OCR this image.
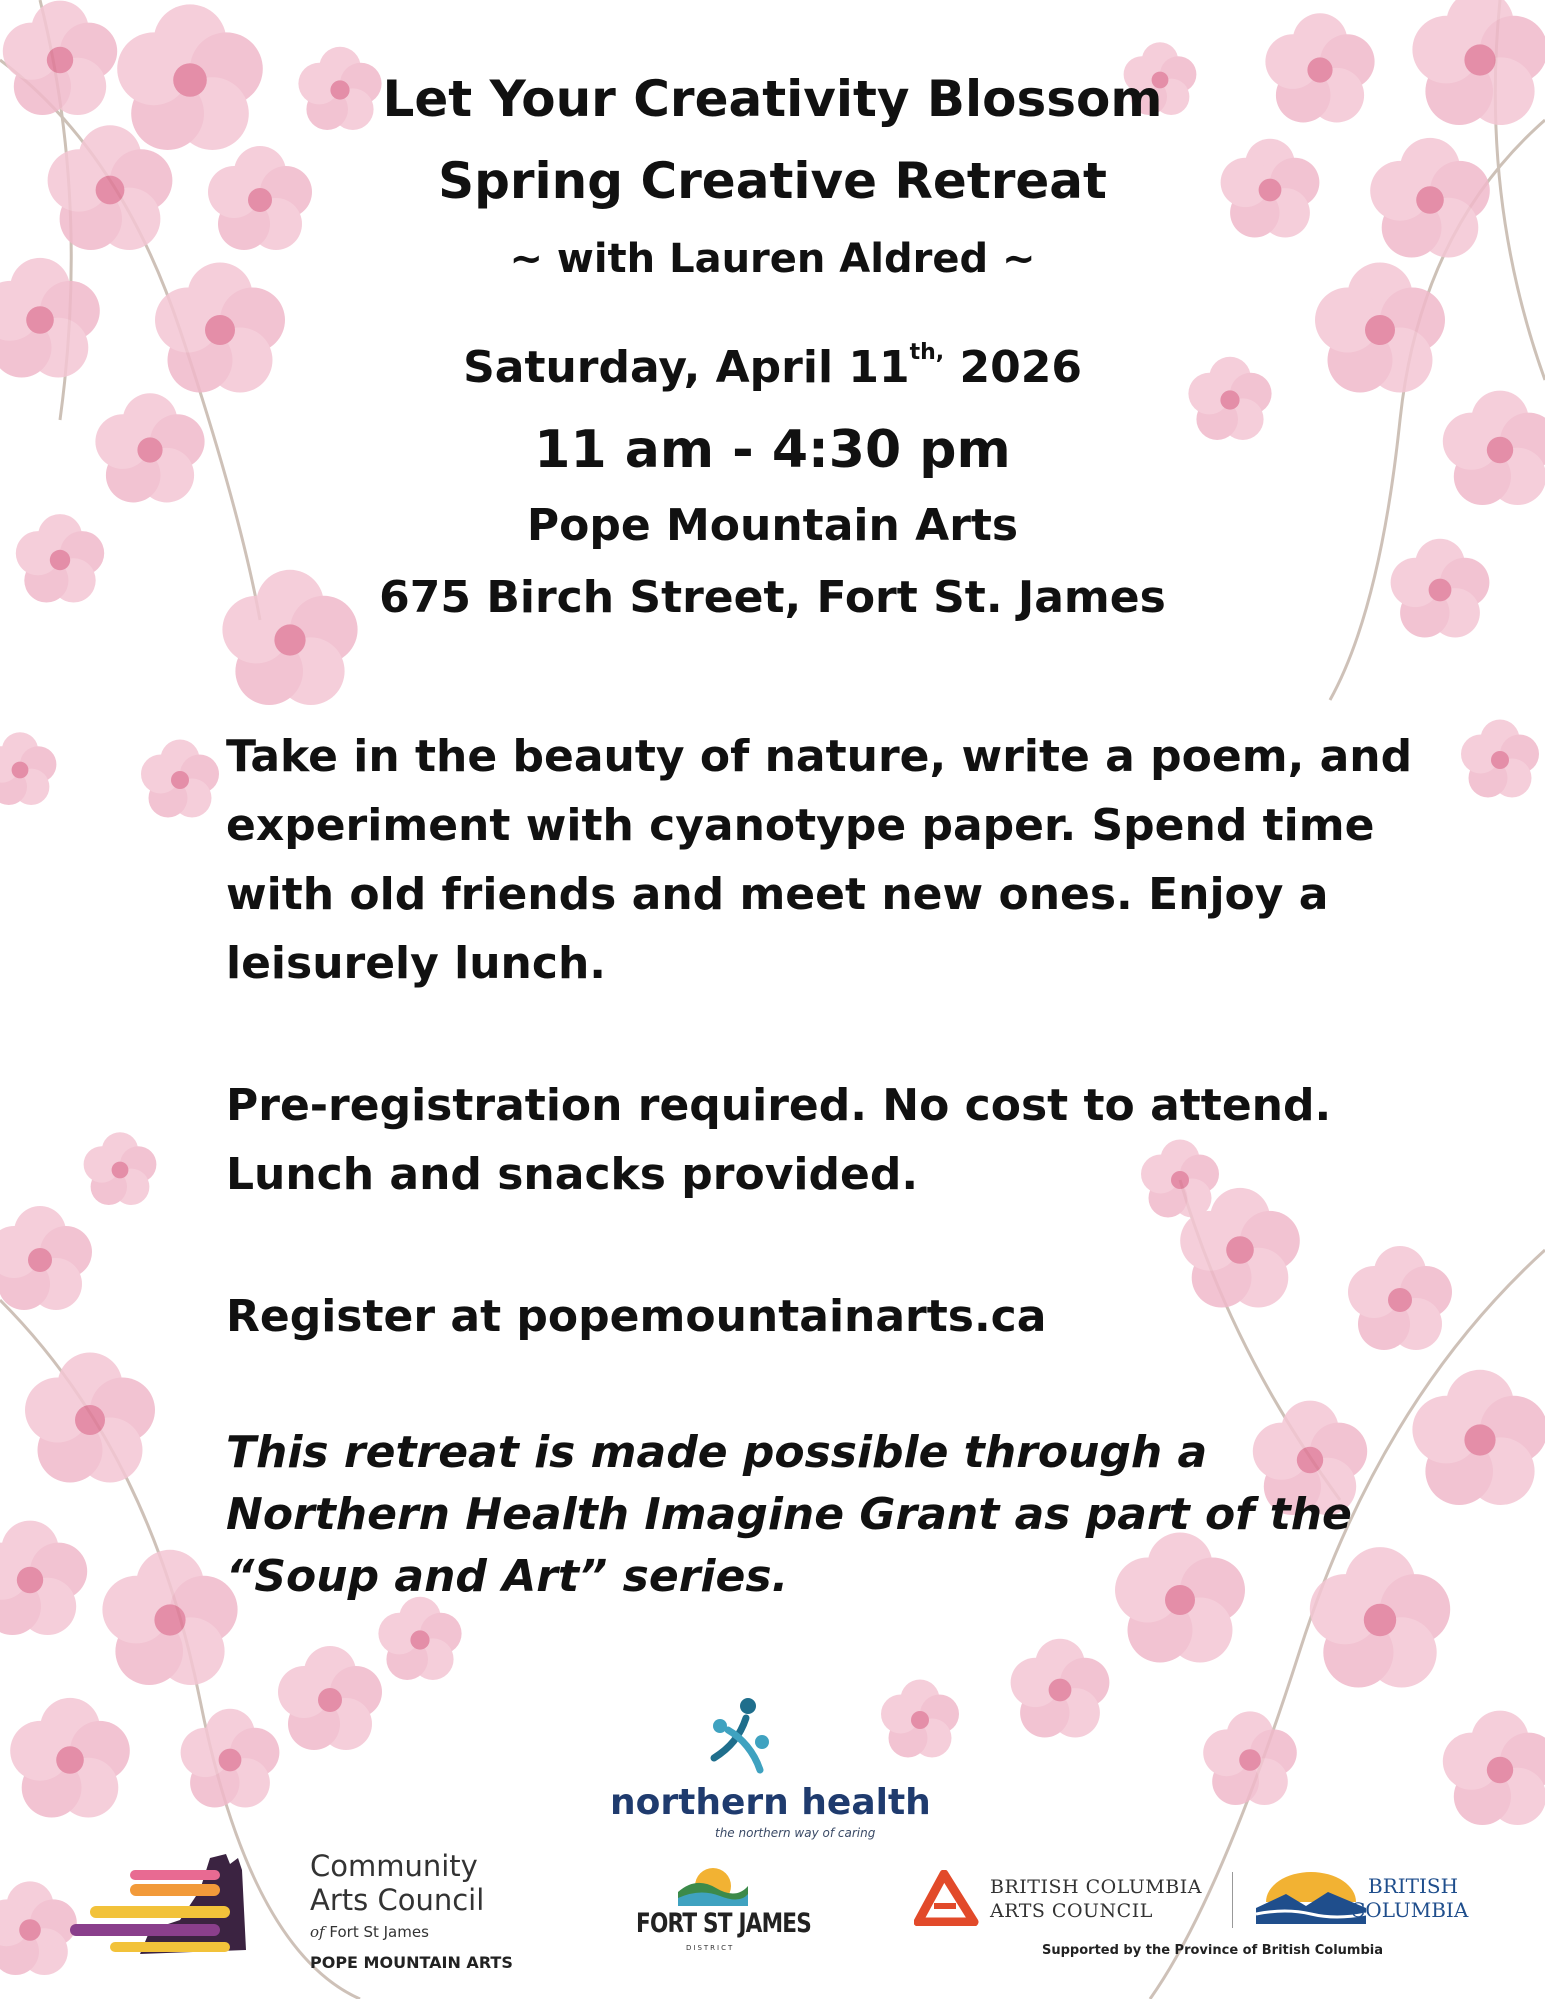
Let Your Creativity Blossom
Spring Creative Retreat
~ with Lauren Aldred ~
Saturday, April $11^{th,}$ 2026
11 am - 4:30 pm
Pope Mountain Arts
675 Birch Street, Fort St. James

Take in the beauty of nature, write a poem, and experiment with cyanotype paper. Spend time with old friends and meet new ones. Enjoy a leisurely lunch.

Pre-registration required. No cost to attend. Lunch and snacks provided.

Register at popemountainarts.ca

This retreat is made possible through a Northern Health Imagine Grant as part of the “Soup and Art” series.

northern health
the northern way of caring
Community
Arts Council
of Fort St James
POPE MOUNTAIN ARTS
FORT ST JAMES
DISTRICT
BRITISH COLUMBIA
ARTS COUNCIL
BRITISH
COLUMBIA
Supported by the Province of British Columbia
